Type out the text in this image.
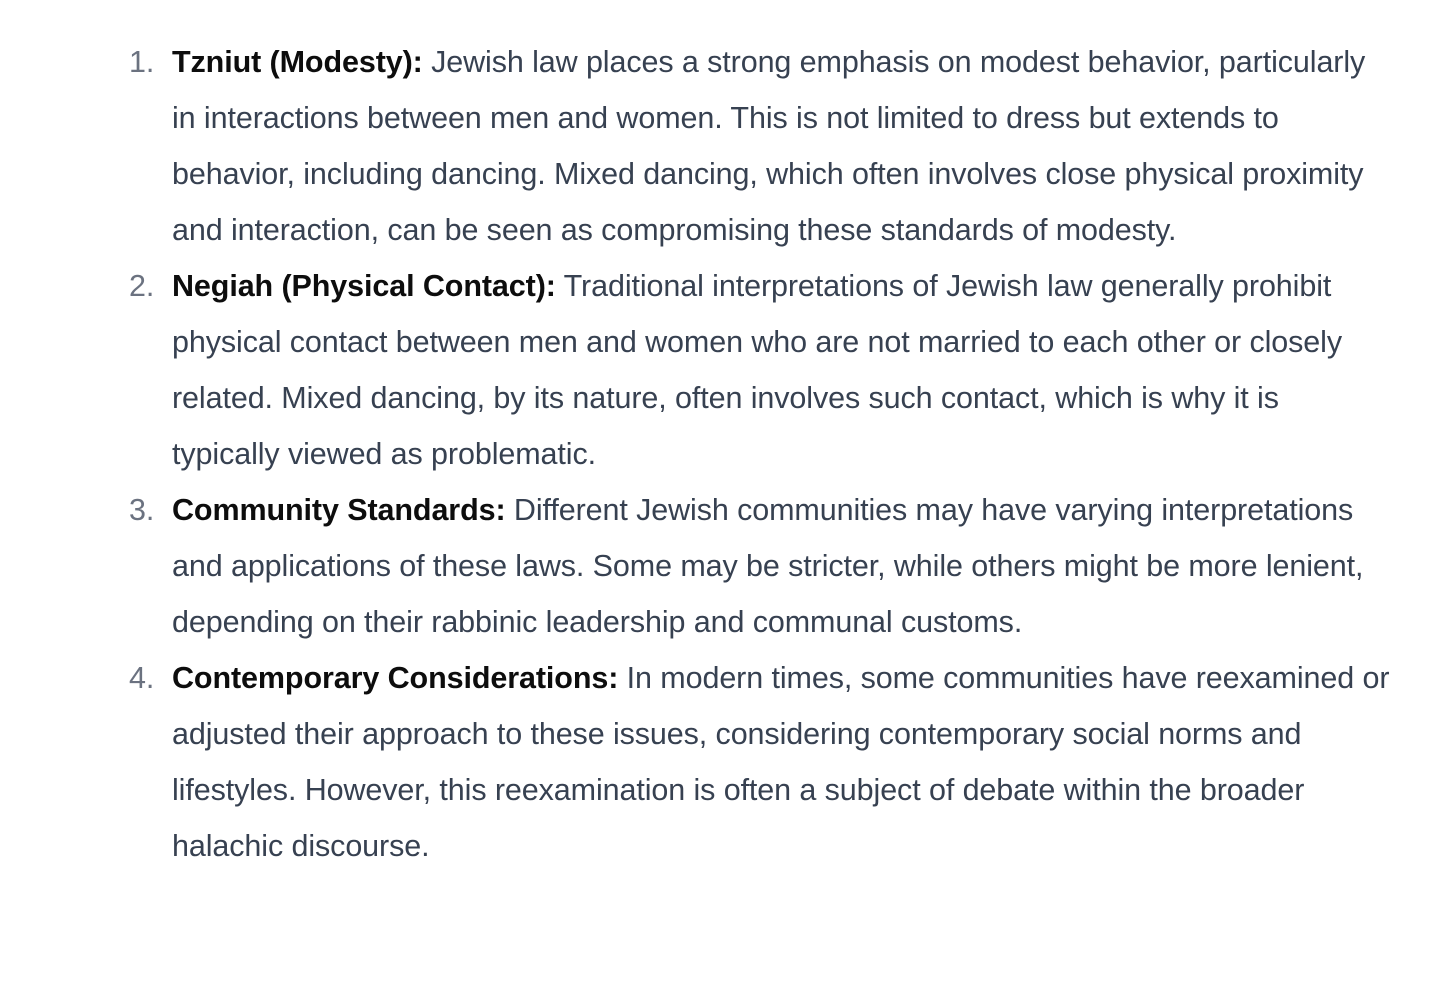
1. Tzniut (Modesty): Jewish law places a strong emphasis on modest behavior, particularly in interactions between men and women. This is not limited to dress but extends to behavior, including dancing. Mixed dancing, which often involves close physical proximity and interaction, can be seen as compromising these standards of modesty.
2. Negiah (Physical Contact): Traditional interpretations of Jewish law generally prohibit physical contact between men and women who are not married to each other or closely related. Mixed dancing, by its nature, often involves such contact, which is why it is typically viewed as problematic.
3. Community Standards: Different Jewish communities may have varying interpretations and applications of these laws. Some may be stricter, while others might be more lenient, depending on their rabbinic leadership and communal customs.
4. Contemporary Considerations: In modern times, some communities have reexamined or adjusted their approach to these issues, considering contemporary social norms and lifestyles. However, this reexamination is often a subject of debate within the broader halachic discourse.
